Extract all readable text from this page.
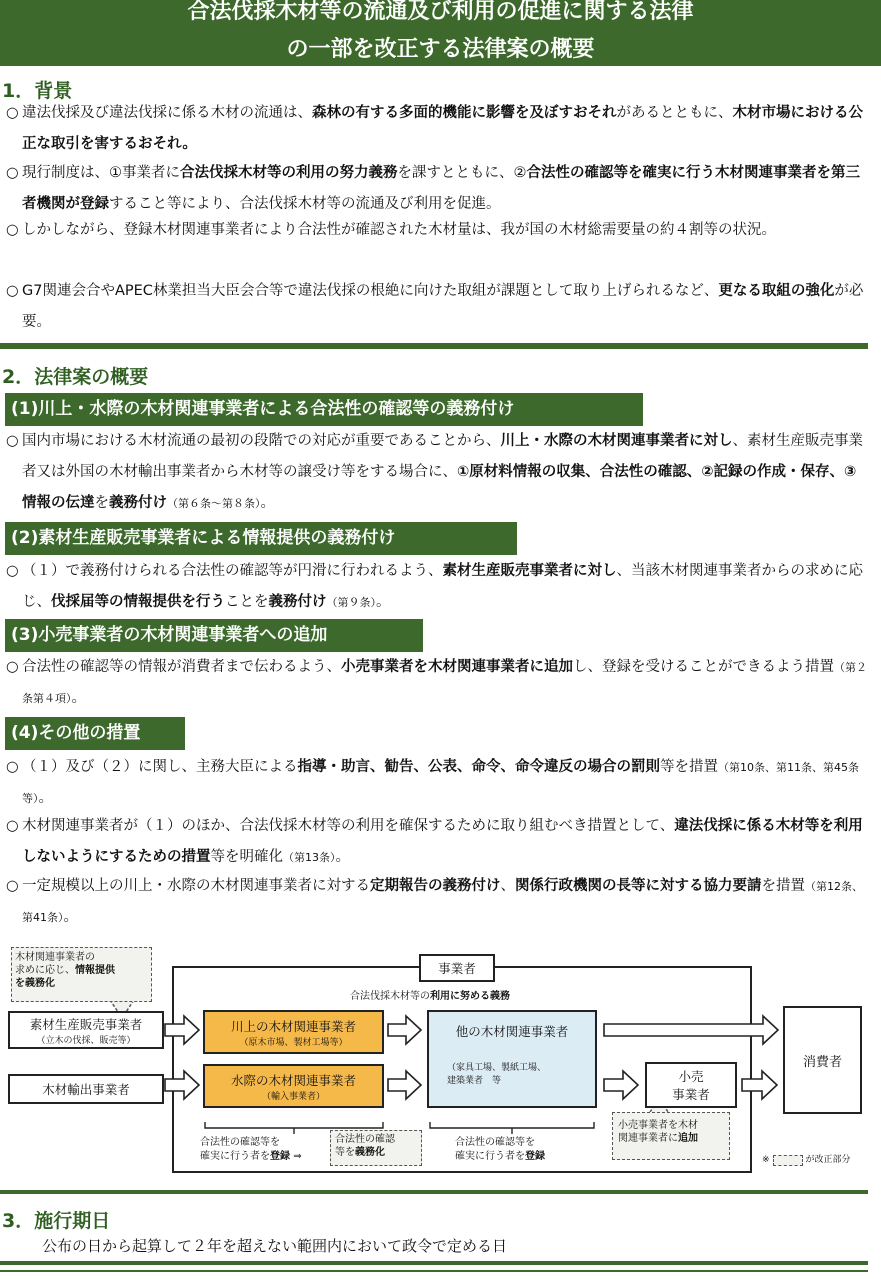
合法伐採木材等の流通及び利用の促進に関する法律
の一部を改正する法律案の概要
1．背景
○ 違法伐採及び違法伐採に係る木材の流通は、森林の有する多面的機能に影響を及ぼすおそれがあるとともに、木材市場における公正な取引を害するおそれ。
○ 現行制度は、①事業者に合法伐採木材等の利用の努力義務を課すとともに、②合法性の確認等を確実に行う木材関連事業者を第三者機関が登録すること等により、合法伐採木材等の流通及び利用を促進。
○ しかしながら、登録木材関連事業者により合法性が確認された木材量は、我が国の木材総需要量の約４割等の状況。
○ G7関連会合やAPEC林業担当大臣会合等で違法伐採の根絶に向けた取組が課題として取り上げられるなど、更なる取組の強化が必要。
2．法律案の概要
(1)川上・水際の木材関連事業者による合法性の確認等の義務付け
○ 国内市場における木材流通の最初の段階での対応が重要であることから、川上・水際の木材関連事業者に対し、素材生産販売事業者又は外国の木材輸出事業者から木材等の譲受け等をする場合に、①原材料情報の収集、合法性の確認、②記録の作成・保存、③情報の伝達を義務付け（第６条～第８条）。
(2)素材生産販売事業者による情報提供の義務付け
○ （１）で義務付けられる合法性の確認等が円滑に行われるよう、素材生産販売事業者に対し、当該木材関連事業者からの求めに応じ、伐採届等の情報提供を行うことを義務付け（第９条）。
(3)小売事業者の木材関連事業者への追加
○ 合法性の確認等の情報が消費者まで伝わるよう、小売事業者を木材関連事業者に追加し、登録を受けることができるよう措置（第２条第４項）。
(4)その他の措置
○ （１）及び（２）に関し、主務大臣による指導・助言、勧告、公表、命令、命令違反の場合の罰則等を措置（第10条、第11条、第45条等）。
○ 木材関連事業者が（１）のほか、合法伐採木材等の利用を確保するために取り組むべき措置として、違法伐採に係る木材等を利用しないようにするための措置等を明確化（第13条）。
○ 一定規模以上の川上・水際の木材関連事業者に対する定期報告の義務付け、関係行政機関の長等に対する協力要請を措置（第12条、第41条）。
木材関連事業者の
求めに応じ、情報提供
を義務化
事業者
合法伐採木材等の利用に努める義務
素材生産販売事業者
（立木の伐採、販売等）
木材輸出事業者
川上の木材関連事業者
（原木市場、製材工場等）
水際の木材関連事業者
（輸入事業者）
他の木材関連事業者
（家具工場、製紙工場、
建築業者　等	小売
事業者
消費者
合法性の確認等を
確実に行う者を登録 ⇒
合法性の確認
等を義務化
合法性の確認等を
確実に行う者を登録
小売事業者を木材
関連事業者に追加
※	が改正部分
3．施行期日
公布の日から起算して２年を超えない範囲内において政令で定める日
